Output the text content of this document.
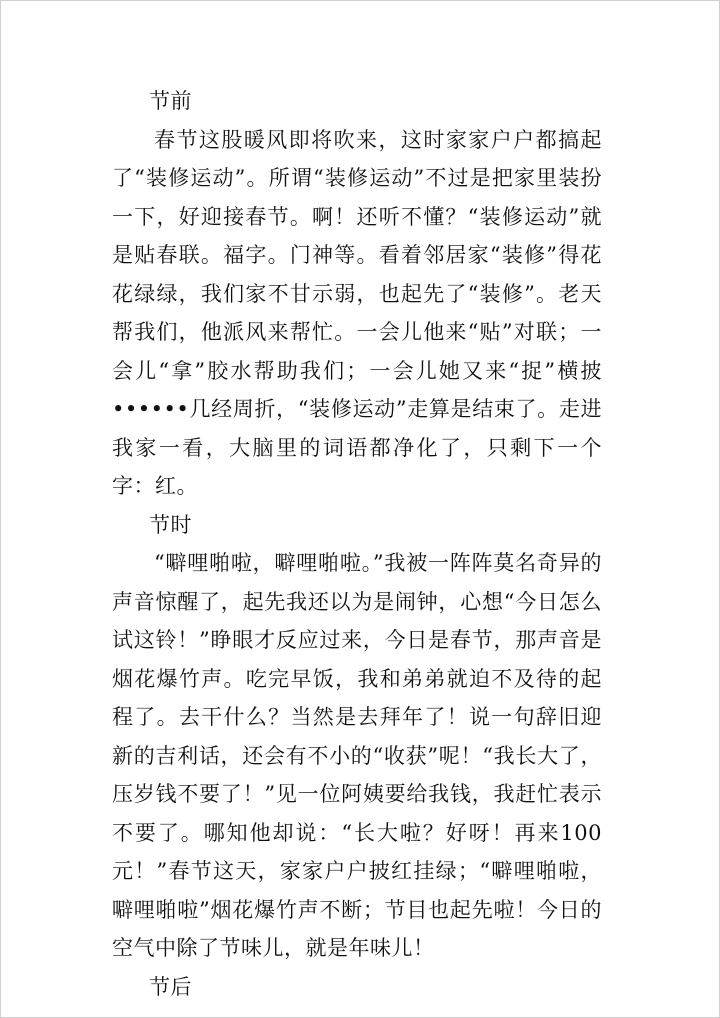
节前

春节这股暖风即将吹来，这时家家户户都搞起了“装修运动”。所谓“装修运动”不过是把家里装扮一下，好迎接春节。啊！还听不懂？“装修运动”就是贴春联。福字。门神等。看着邻居家“装修”得花花绿绿，我们家不甘示弱，也起先了“装修”。老天帮我们，他派风来帮忙。一会儿他来“贴”对联；一会儿“拿”胶水帮助我们；一会儿她又来“捉”横披••••••几经周折，“装修运动”走算是结束了。走进我家一看，大脑里的词语都净化了，只剩下一个字：红。

节时

“噼哩啪啦，噼哩啪啦。”我被一阵阵莫名奇异的声音惊醒了，起先我还以为是闹钟，心想“今日怎么试这铃！”睁眼才反应过来，今日是春节，那声音是烟花爆竹声。吃完早饭，我和弟弟就迫不及待的起程了。去干什么？当然是去拜年了！说一句辞旧迎新的吉利话，还会有不小的“收获”呢！“我长大了，压岁钱不要了！”见一位阿姨要给我钱，我赶忙表示不要了。哪知他却说：“长大啦？好呀！再来100元！”春节这天，家家户户披红挂绿；“噼哩啪啦，噼哩啪啦”烟花爆竹声不断；节目也起先啦！今日的空气中除了节味儿，就是年味儿！

节后
